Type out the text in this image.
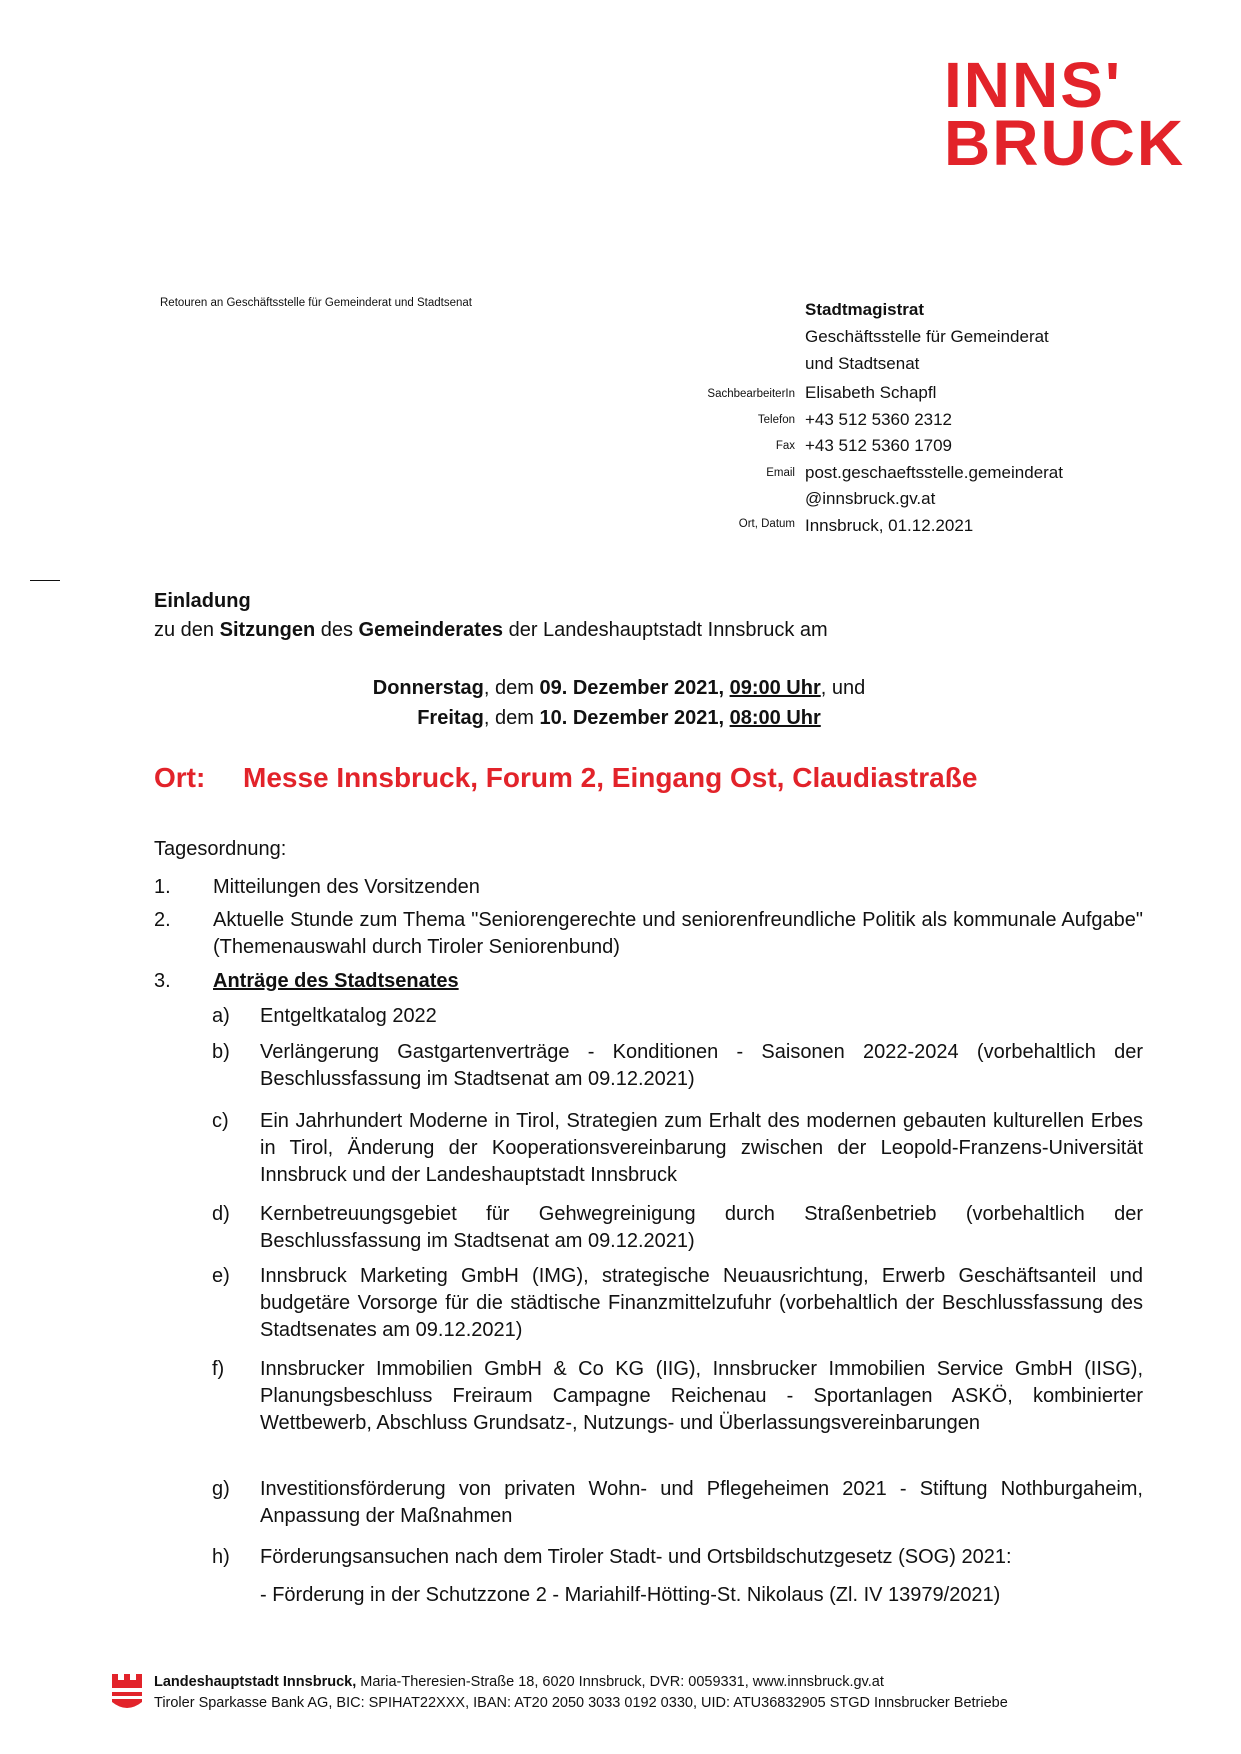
INNS'
BRUCK
Retouren an Geschäftsstelle für Gemeinderat und Stadtsenat	Stadtmagistrat
Geschäftsstelle für Gemeinderat
und Stadtsenat
SachbearbeiterIn
Telefon
Fax
Email
Ort, Datum
Elisabeth Schapfl
+43 512 5360 2312
+43 512 5360 1709
post.geschaeftsstelle.gemeinderat
@innsbruck.gv.at
Innsbruck, 01.12.2021
Einladung
zu den Sitzungen des Gemeinderates der Landeshauptstadt Innsbruck am
Donnerstag, dem 09. Dezember 2021, 09:00 Uhr, und
Freitag, dem 10. Dezember 2021, 08:00 Uhr
Ort: Messe Innsbruck, Forum 2, Eingang Ost, Claudiastraße
Tagesordnung:
1. Mitteilungen des Vorsitzenden
2. Aktuelle Stunde zum Thema "Seniorengerechte und seniorenfreundliche Politik als kommunale Aufgabe" (Themenauswahl durch Tiroler Seniorenbund)
3. Anträge des Stadtsenates
a) Entgeltkatalog 2022
b) Verlängerung Gastgartenverträge - Konditionen - Saisonen 2022-2024 (vorbehaltlich der Beschlussfassung im Stadtsenat am 09.12.2021)
c) Ein Jahrhundert Moderne in Tirol, Strategien zum Erhalt des modernen gebauten kulturellen Erbes in Tirol, Änderung der Kooperationsvereinbarung zwischen der Leopold-Franzens-Universität Innsbruck und der Landeshauptstadt Innsbruck
d) Kernbetreuungsgebiet für Gehwegreinigung durch Straßenbetrieb (vorbehaltlich der Beschlussfassung im Stadtsenat am 09.12.2021)
e) Innsbruck Marketing GmbH (IMG), strategische Neuausrichtung, Erwerb Geschäftsanteil und budgetäre Vorsorge für die städtische Finanzmittelzufuhr (vorbehaltlich der Beschlussfassung des Stadtsenates am 09.12.2021)
f) Innsbrucker Immobilien GmbH & Co KG (IIG), Innsbrucker Immobilien Service GmbH (IISG), Planungsbeschluss Freiraum Campagne Reichenau - Sportanlagen ASKÖ, kombinierter Wettbewerb, Abschluss Grundsatz-, Nutzungs- und Überlassungsvereinbarungen
g) Investitionsförderung von privaten Wohn- und Pflegeheimen 2021 - Stiftung Nothburgaheim, Anpassung der Maßnahmen
h) Förderungsansuchen nach dem Tiroler Stadt- und Ortsbildschutzgesetz (SOG) 2021:
- Förderung in der Schutzzone 2 - Mariahilf-Hötting-St. Nikolaus (Zl. IV 13979/2021)
Landeshauptstadt Innsbruck, Maria-Theresien-Straße 18, 6020 Innsbruck, DVR: 0059331, www.innsbruck.gv.at
Tiroler Sparkasse Bank AG, BIC: SPIHAT22XXX, IBAN: AT20 2050 3033 0192 0330, UID: ATU36832905 STGD Innsbrucker Betriebe
